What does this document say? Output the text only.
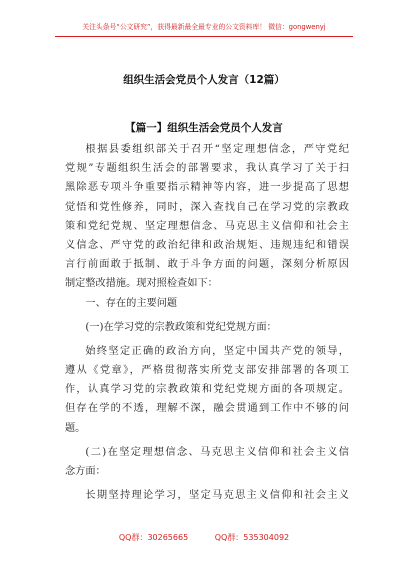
关注头条号“公文研究”，获得最新最全最专业的公文资料库！ 微信：gongwenyj
组织生活会党员个人发言（12篇）
【篇一】组织生活会党员个人发言
根据县委组织部关于召开“坚定理想信念，严守党纪
党规”专题组织生活会的部署要求，我认真学习了关于扫
黑除恶专项斗争重要指示精神等内容，进一步提高了思想
觉悟和党性修养，同时，深入查找自己在学习党的宗教政
策和党纪党规、坚定理想信念、马克思主义信仰和社会主
义信念、严守党的政治纪律和政治规矩、违规违纪和错误
言行前面敢于抵制、敢于斗争方面的问题，深刻分析原因
制定整改措施。现对照检查如下：
一、存在的主要问题
(一)在学习党的宗教政策和党纪党规方面：
始终坚定正确的政治方向，坚定中国共产党的领导，
遵从《党章》，严格贯彻落实所党支部安排部署的各项工
作，认真学习党的宗教政策和党纪党规方面的各项规定。
但存在学的不透，理解不深，融会贯通到工作中不够的问
题。
(二)在坚定理想信念、马克思主义信仰和社会主义信
念方面：
长期坚持理论学习，坚定马克思主义信仰和社会主义
QQ群：30265665	QQ群：535304092
